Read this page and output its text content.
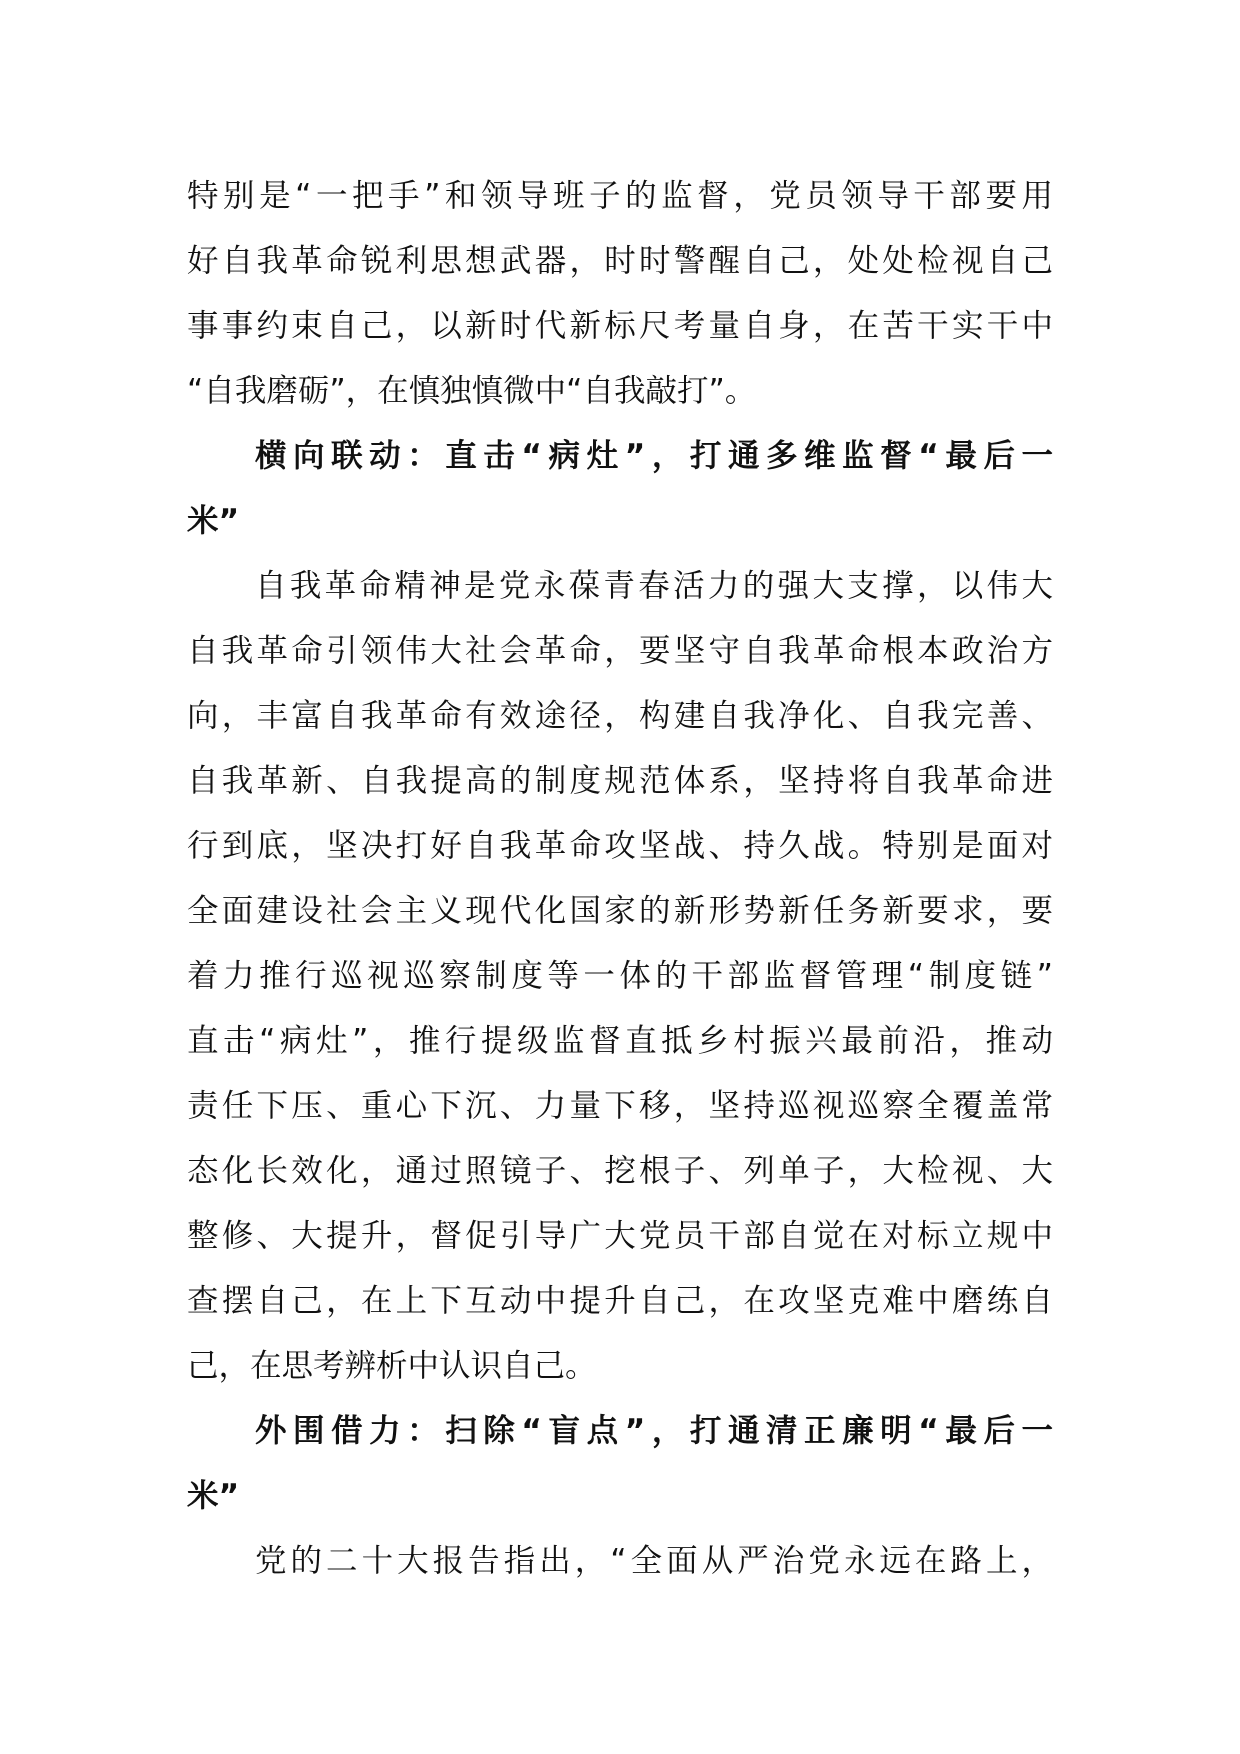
特别是“一把手”和领导班子的监督，党员领导干部要用
好自我革命锐利思想武器，时时警醒自己，处处检视自己
事事约束自己，以新时代新标尺考量自身，在苦干实干中
“自我磨砺”，在慎独慎微中“自我敲打”。
横向联动：直击“病灶”，打通多维监督“最后一
米”
自我革命精神是党永葆青春活力的强大支撑，以伟大
自我革命引领伟大社会革命，要坚守自我革命根本政治方
向，丰富自我革命有效途径，构建自我净化、自我完善、
自我革新、自我提高的制度规范体系，坚持将自我革命进
行到底，坚决打好自我革命攻坚战、持久战。特别是面对
全面建设社会主义现代化国家的新形势新任务新要求，要
着力推行巡视巡察制度等一体的干部监督管理“制度链”
直击“病灶”，推行提级监督直抵乡村振兴最前沿，推动
责任下压、重心下沉、力量下移，坚持巡视巡察全覆盖常
态化长效化，通过照镜子、挖根子、列单子，大检视、大
整修、大提升，督促引导广大党员干部自觉在对标立规中
查摆自己，在上下互动中提升自己，在攻坚克难中磨练自
己，在思考辨析中认识自己。
外围借力：扫除“盲点”，打通清正廉明“最后一
米”
党的二十大报告指出，“全面从严治党永远在路上，
